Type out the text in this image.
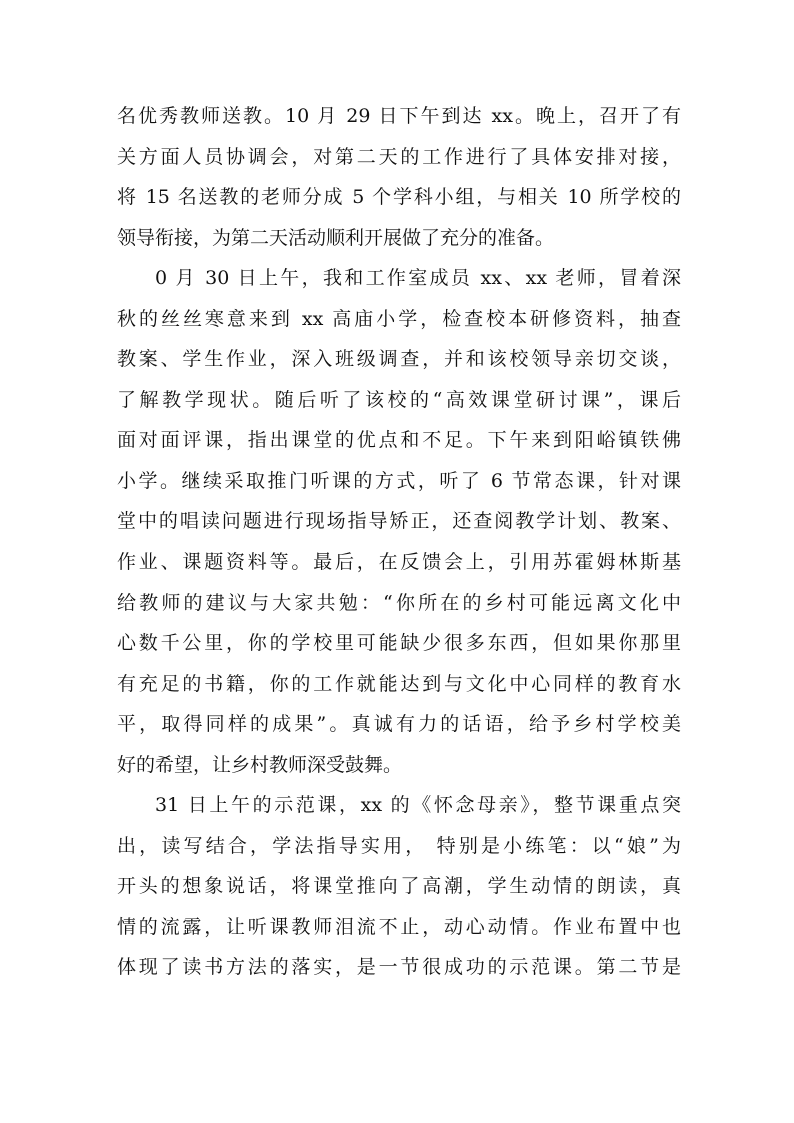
名优秀教师送教。10 月 29 日下午到达 xx。晚上，召开了有
关方面人员协调会，对第二天的工作进行了具体安排对接，
将 15 名送教的老师分成 5 个学科小组，与相关 10 所学校的
领导衔接，为第二天活动顺利开展做了充分的准备。
0 月 30 日上午，我和工作室成员 xx、xx 老师，冒着深
秋的丝丝寒意来到 xx 高庙小学，检查校本研修资料，抽查
教案、学生作业，深入班级调查，并和该校领导亲切交谈，
了解教学现状。随后听了该校的“高效课堂研讨课”，课后
面对面评课，指出课堂的优点和不足。下午来到阳峪镇铁佛
小学。继续采取推门听课的方式，听了 6 节常态课，针对课
堂中的唱读问题进行现场指导矫正，还查阅教学计划、教案、
作业、课题资料等。最后，在反馈会上，引用苏霍姆林斯基
给教师的建议与大家共勉：“你所在的乡村可能远离文化中
心数千公里，你的学校里可能缺少很多东西，但如果你那里
有充足的书籍，你的工作就能达到与文化中心同样的教育水
平，取得同样的成果”。真诚有力的话语，给予乡村学校美
好的希望，让乡村教师深受鼓舞。
31 日上午的示范课，xx 的《怀念母亲》，整节课重点突
出，读写结合，学法指导实用， 特别是小练笔：以“娘”为
开头的想象说话，将课堂推向了高潮，学生动情的朗读，真
情的流露，让听课教师泪流不止，动心动情。作业布置中也
体现了读书方法的落实，是一节很成功的示范课。第二节是
